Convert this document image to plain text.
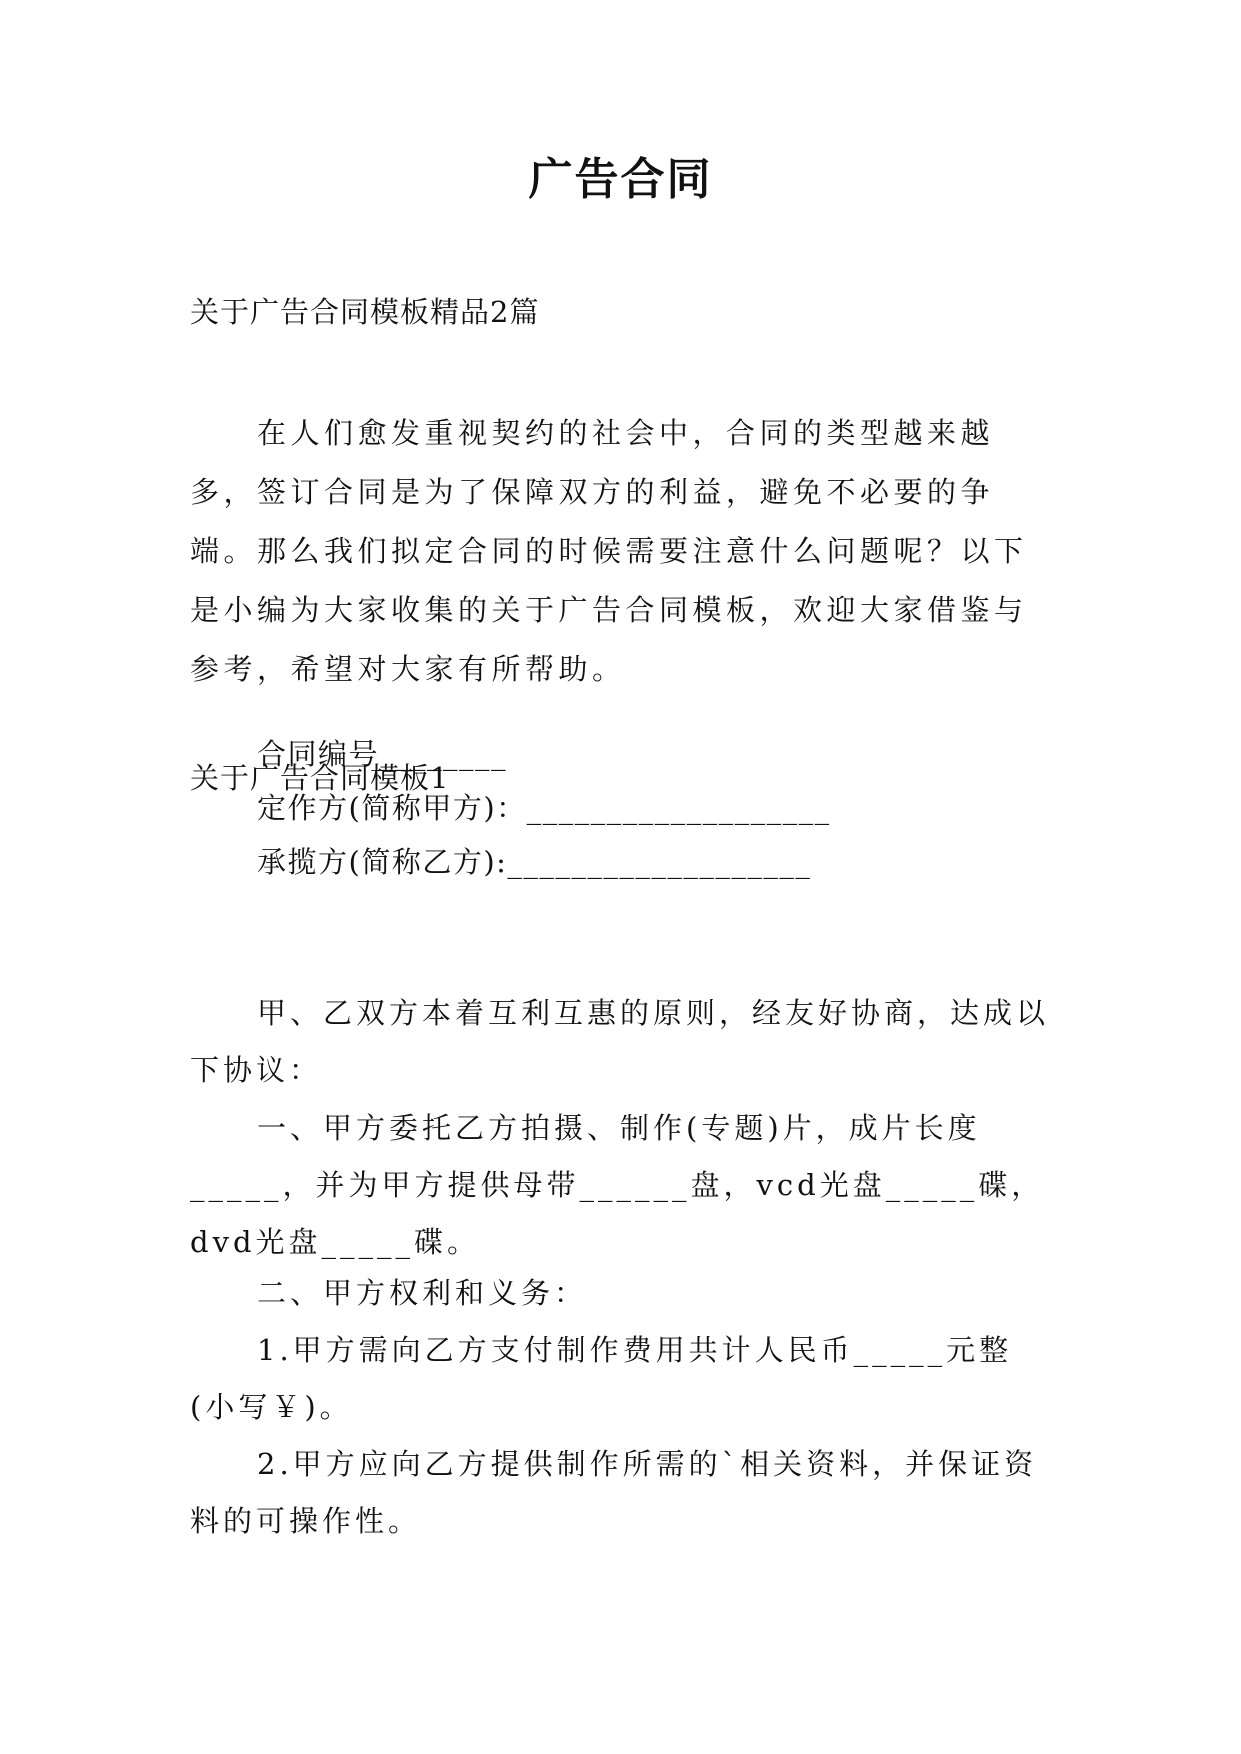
广告合同
关于广告合同模板精品2篇

在人们愈发重视契约的社会中，合同的类型越来越多，签订合同是为了保障双方的利益，避免不必要的争端。那么我们拟定合同的时候需要注意什么问题呢？以下是小编为大家收集的关于广告合同模板，欢迎大家借鉴与参考，希望对大家有所帮助。

关于广告合同模板1
合同编号________
定作方(简称甲方)：___________________
承揽方(简称乙方):___________________

甲、乙双方本着互利互惠的原则，经友好协商，达成以下协议：

一、甲方委托乙方拍摄、制作(专题)片，成片长度_____，并为甲方提供母带______盘，vcd光盘_____碟，dvd光盘_____碟。

二、甲方权利和义务：

1.甲方需向乙方支付制作费用共计人民币_____元整(小写￥)。

2.甲方应向乙方提供制作所需的`相关资料，并保证资料的可操作性。
